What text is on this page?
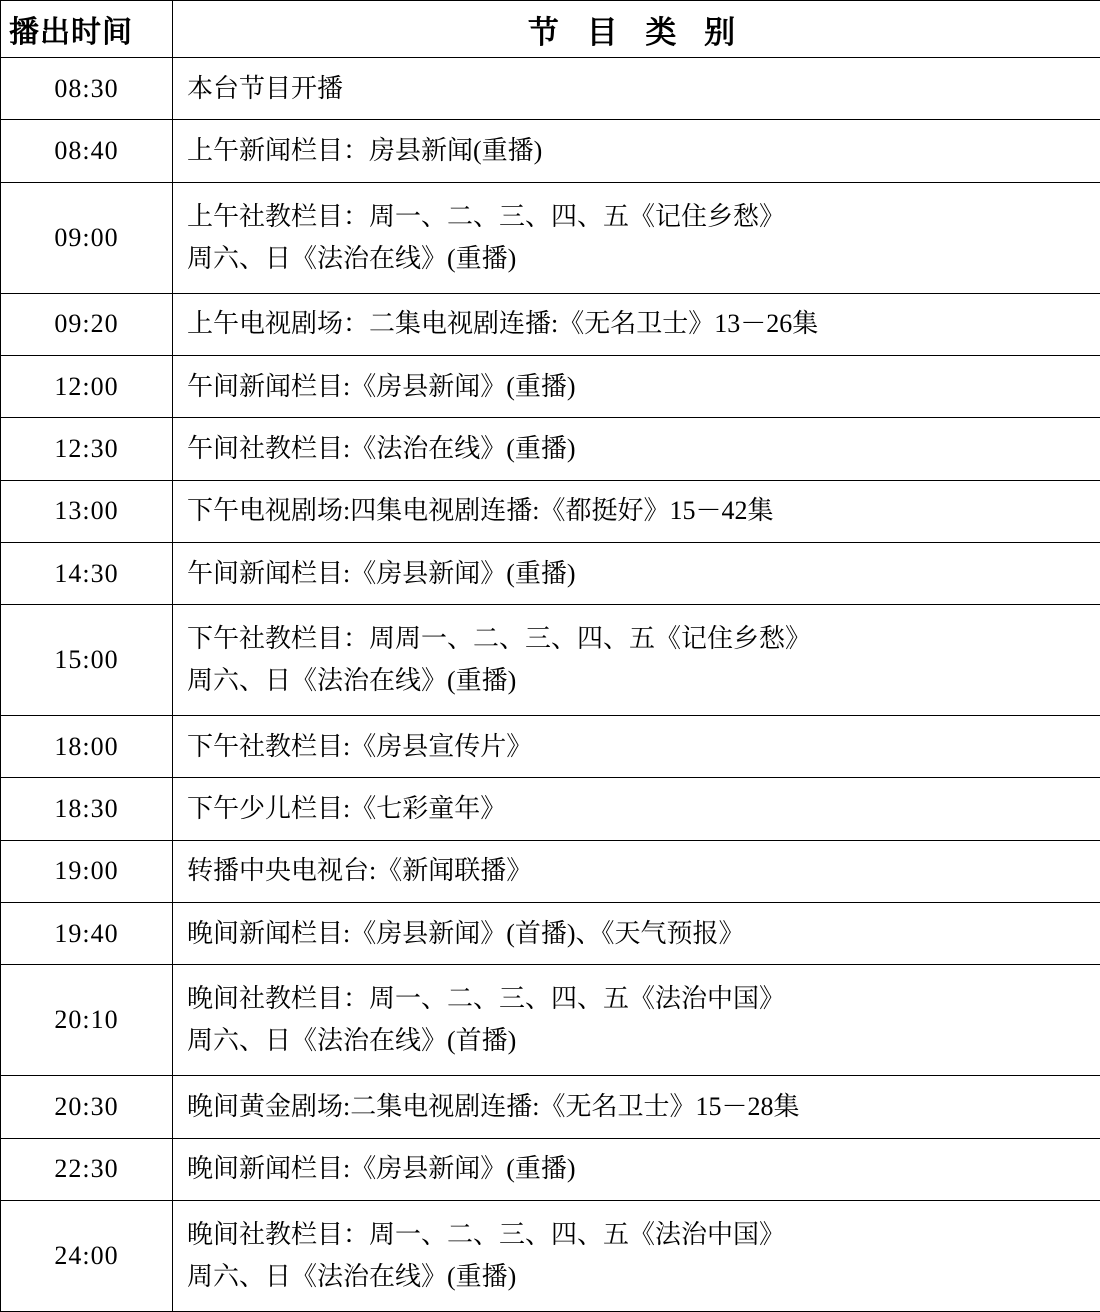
播出时间	节 目 类 别
08:30	本台节目开播
08:40	上午新闻栏目：房县新闻(重播)
09:00	上午社教栏目：周一、二、三、四、五《记住乡愁》
周六、日《法治在线》(重播)

09:20	上午电视剧场：二集电视剧连播:《无名卫士》13－26集
12:00	午间新闻栏目:《房县新闻》(重播)
12:30	午间社教栏目:《法治在线》(重播)
13:00	下午电视剧场:四集电视剧连播:《都挺好》15－42集
14:30	午间新闻栏目:《房县新闻》(重播)
15:00	下午社教栏目：周周一、二、三、四、五《记住乡愁》
周六、日《法治在线》(重播)

18:00	下午社教栏目:《房县宣传片》
18:30	下午少儿栏目:《七彩童年》
19:00	转播中央电视台:《新闻联播》
19:40	晚间新闻栏目:《房县新闻》(首播)、《天气预报》
20:10	晚间社教栏目：周一、二、三、四、五《法治中国》
周六、日《法治在线》(首播)

20:30	晚间黄金剧场:二集电视剧连播:《无名卫士》15－28集
22:30	晚间新闻栏目:《房县新闻》(重播)
24:00	晚间社教栏目：周一、二、三、四、五《法治中国》
周六、日《法治在线》(重播)
